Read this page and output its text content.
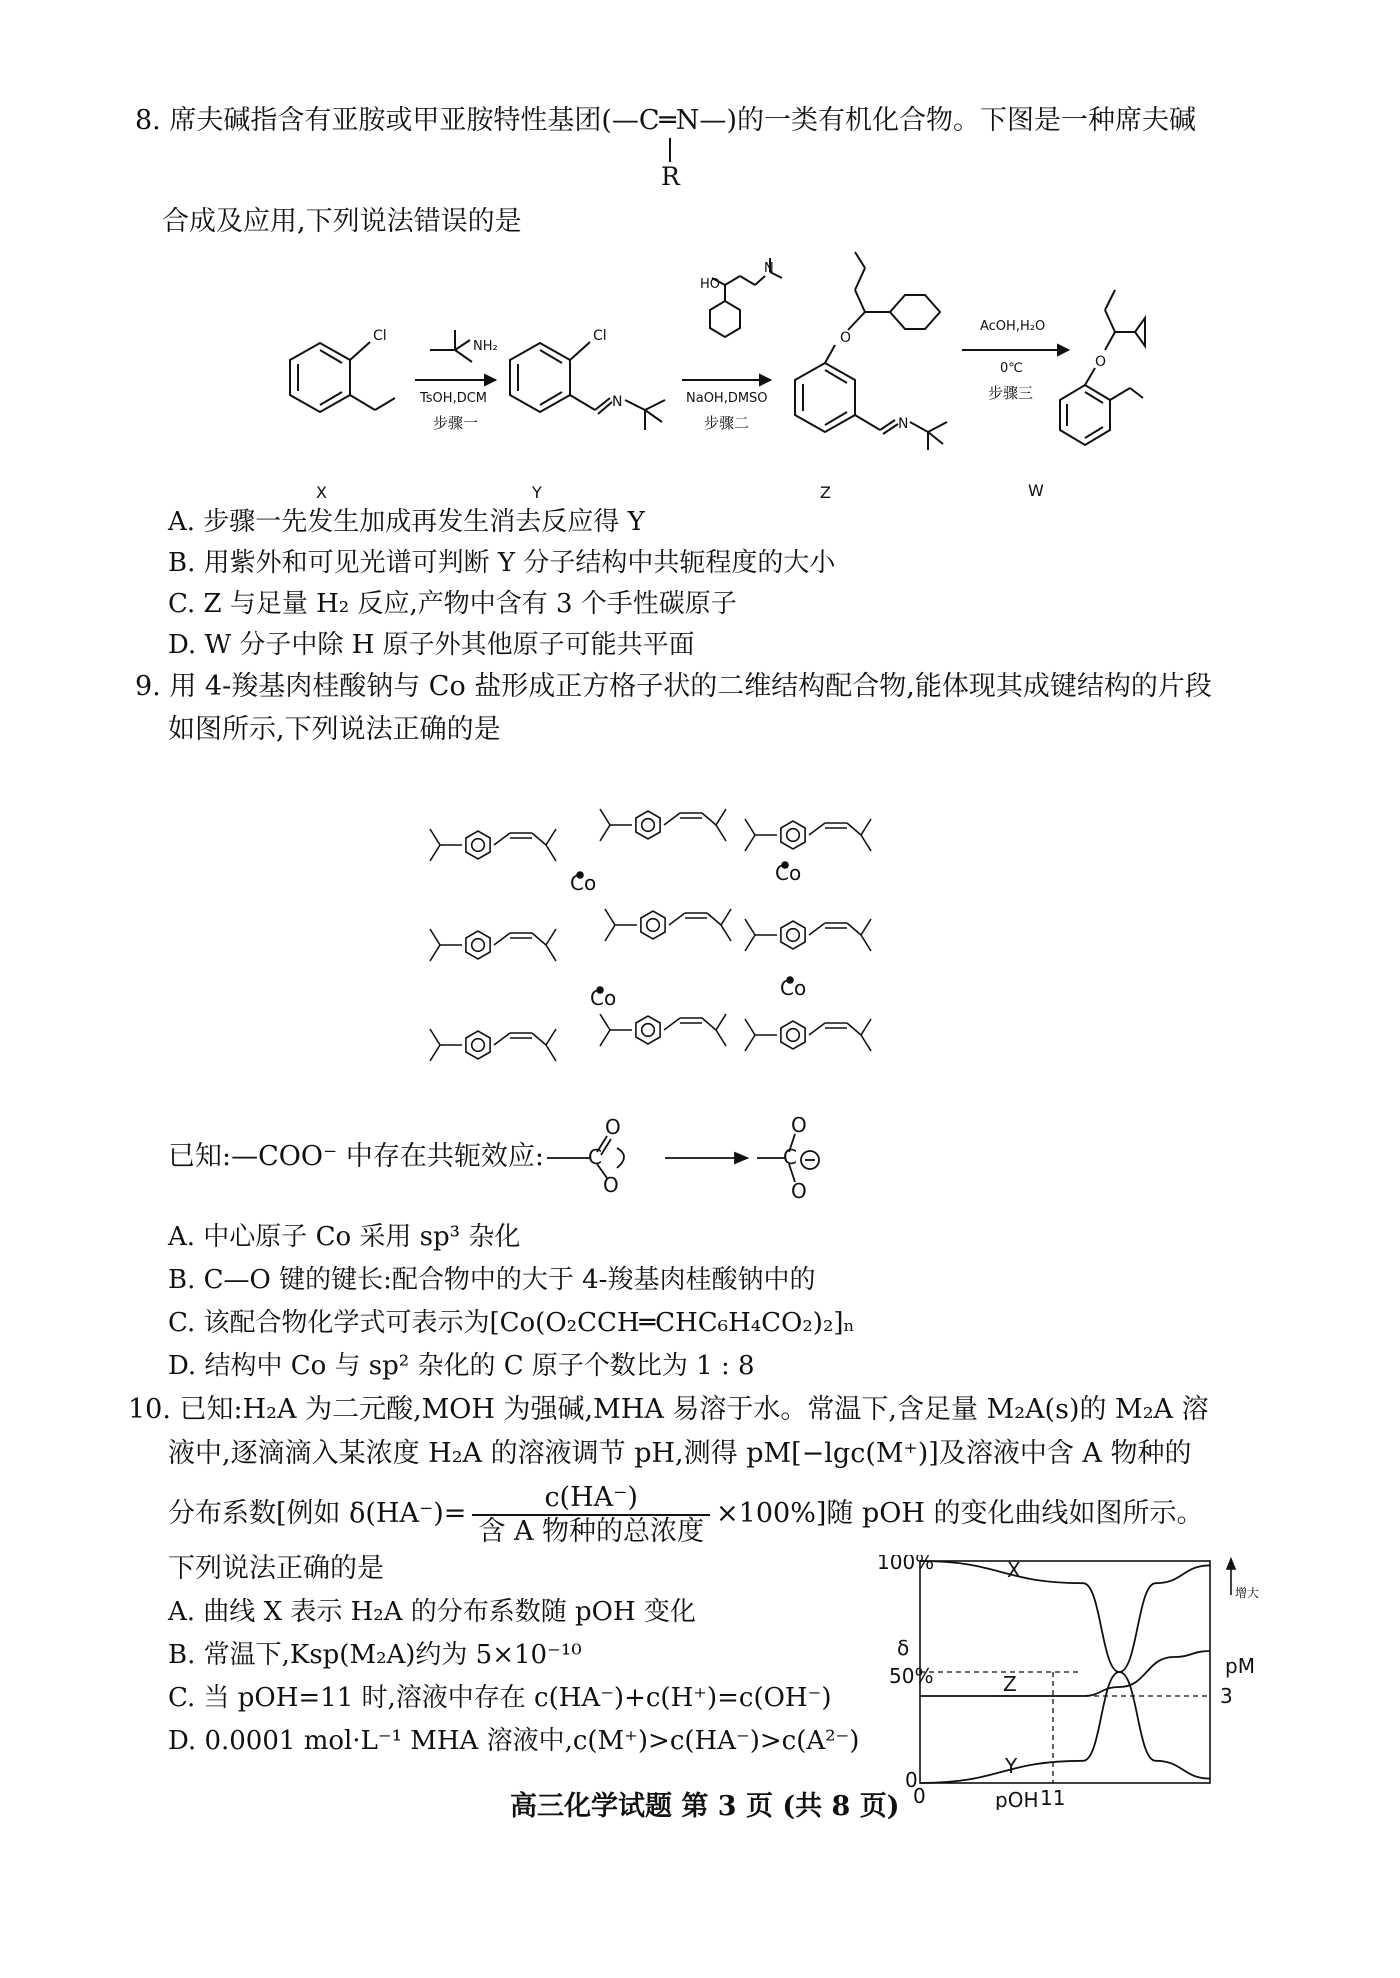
8. 席夫碱指含有亚胺或甲亚胺特性基团(—C═N—)的一类有机化合物。下图是一种席夫碱
R
合成及应用,下列说法错误的是
Cl	Cl
NH₂
N
TsOH,DCM
步骤一
HO
N
NaOH,DMSO
步骤二
O
N
AcOH,H₂O
0℃
步骤三
O
X	Y	Z	W
A. 步骤一先发生加成再发生消去反应得 Y
B. 用紫外和可见光谱可判断 Y 分子结构中共轭程度的大小
C. Z 与足量 H₂ 反应,产物中含有 3 个手性碳原子
D. W 分子中除 H 原子外其他原子可能共平面
9. 用 4-羧基肉桂酸钠与 Co 盐形成正方格子状的二维结构配合物,能体现其成键结构的片段
如图所示,下列说法正确的是
Co	Co
Co	Co
已知:—COO⁻ 中存在共轭效应: C
O
O
C
O
O
A. 中心原子 Co 采用 sp³ 杂化
B. C—O 键的键长:配合物中的大于 4-羧基肉桂酸钠中的
C. 该配合物化学式可表示为[Co(O₂CCH═CHC₆H₄CO₂)₂]ₙ
D. 结构中 Co 与 sp² 杂化的 C 原子个数比为 1 : 8
10. 已知:H₂A 为二元酸,MOH 为强碱,MHA 易溶于水。常温下,含足量 M₂A(s)的 M₂A 溶
液中,逐滴滴入某浓度 H₂A 的溶液调节 pH,测得 pM[−lgc(M⁺)]及溶液中含 A 物种的
分布系数[例如 $\delta(HA^-)= \frac{c(HA^-)}{\text{含 A 物种的总浓度}} \times 100\%$]随 pOH 的变化曲线如图所示。
下列说法正确的是
A. 曲线 X 表示 H₂A 的分布系数随 pOH 变化
B. 常温下,Ksp(M₂A)约为 5×10⁻¹⁰
C. 当 pOH=11 时,溶液中存在 c(HA⁻)+c(H⁺)=c(OH⁻)
D. 0.0001 mol·L⁻¹ MHA 溶液中,c(M⁺)>c(HA⁻)>c(A²⁻)
100%
δ
50%
0
0	11
pOH
pM
3
增大
X
Z
Y
高三化学试题 第 3 页 (共 8 页)
